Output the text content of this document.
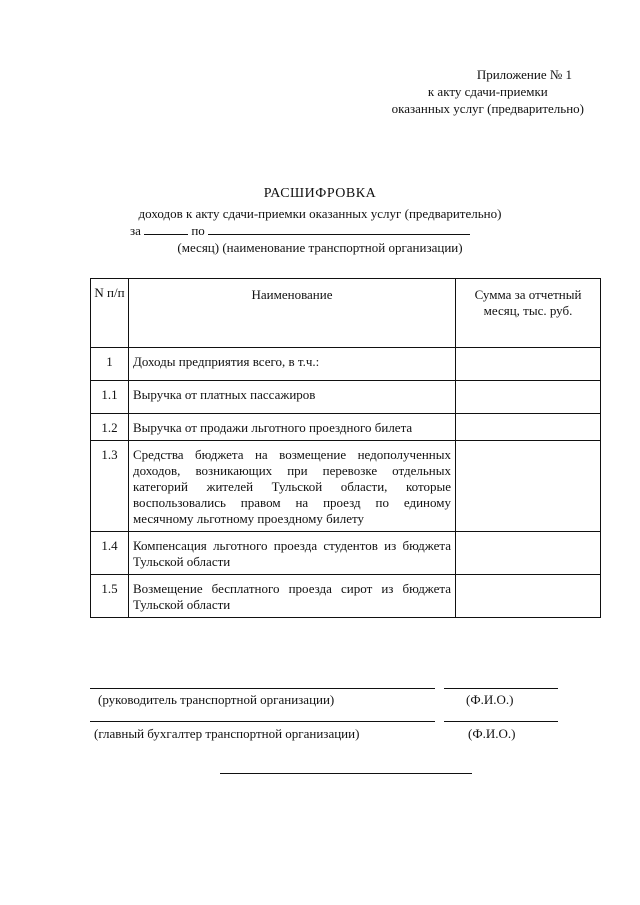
Приложение № 1
к акту сдачи-приемки
оказанных услуг (предварительно)
РАСШИФРОВКА
доходов к акту сдачи-приемки оказанных услуг (предварительно)
за	по
(месяц) (наименование транспортной организации)
N п/п	Наименование	Сумма за отчетный месяц, тыс. руб.
1	Доходы предприятия всего, в т.ч.:	
1.1	Выручка от платных пассажиров	
1.2	Выручка от продажи льготного проездного билета	
1.3	Средства бюджета на возмещение недополученных доходов, возникающих при перевозке отдельных категорий жителей Тульской области, которые воспользовались правом на проезд по единому месячному льготному проездному билету	
1.4	Компенсация льготного проезда студентов из бюджета Тульской области	
1.5	Возмещение бесплатного проезда сирот из бюджета Тульской области	
(руководитель транспортной организации)	(Ф.И.О.)
(главный бухгалтер транспортной организации)	(Ф.И.О.)
